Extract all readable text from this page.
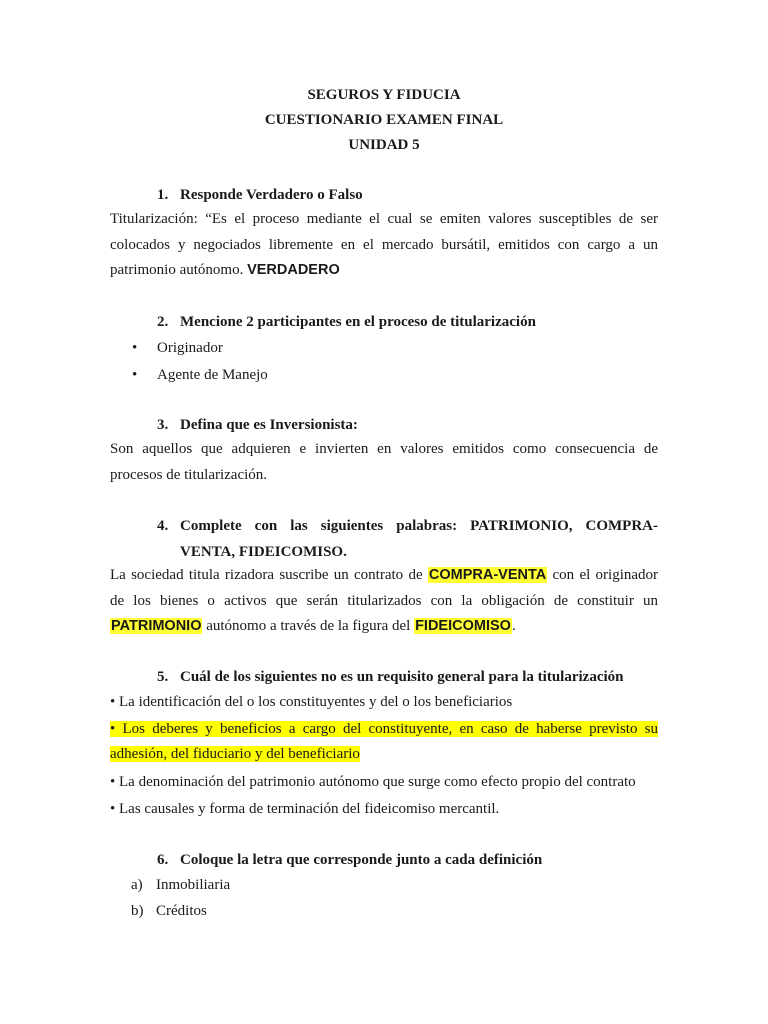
SEGUROS Y FIDUCIA
CUESTIONARIO EXAMEN FINAL
UNIDAD 5
1. Responde Verdadero o Falso
Titularización: “Es el proceso mediante el cual se emiten valores susceptibles de ser colocados y negociados libremente en el mercado bursátil, emitidos con cargo a un patrimonio autónomo. VERDADERO
2. Mencione 2 participantes en el proceso de titularización
• Originador
• Agente de Manejo
3. Defina que es Inversionista:
Son aquellos que adquieren e invierten en valores emitidos como consecuencia de procesos de titularización.
4. Complete con las siguientes palabras: PATRIMONIO, COMPRA-
VENTA, FIDEICOMISO.
La sociedad titula rizadora suscribe un contrato de COMPRA-VENTA con el originador de los bienes o activos que serán titularizados con la obligación de constituir un PATRIMONIO autónomo a través de la figura del FIDEICOMISO.
5. Cuál de los siguientes no es un requisito general para la titularización
• La identificación del o los constituyentes y del o los beneficiarios
• Los deberes y beneficios a cargo del constituyente, en caso de haberse previsto su
adhesión, del fiduciario y del beneficiario
• La denominación del patrimonio autónomo que surge como efecto propio del contrato
• Las causales y forma de terminación del fideicomiso mercantil.
6. Coloque la letra que corresponde junto a cada definición
a) Inmobiliaria
b) Créditos
